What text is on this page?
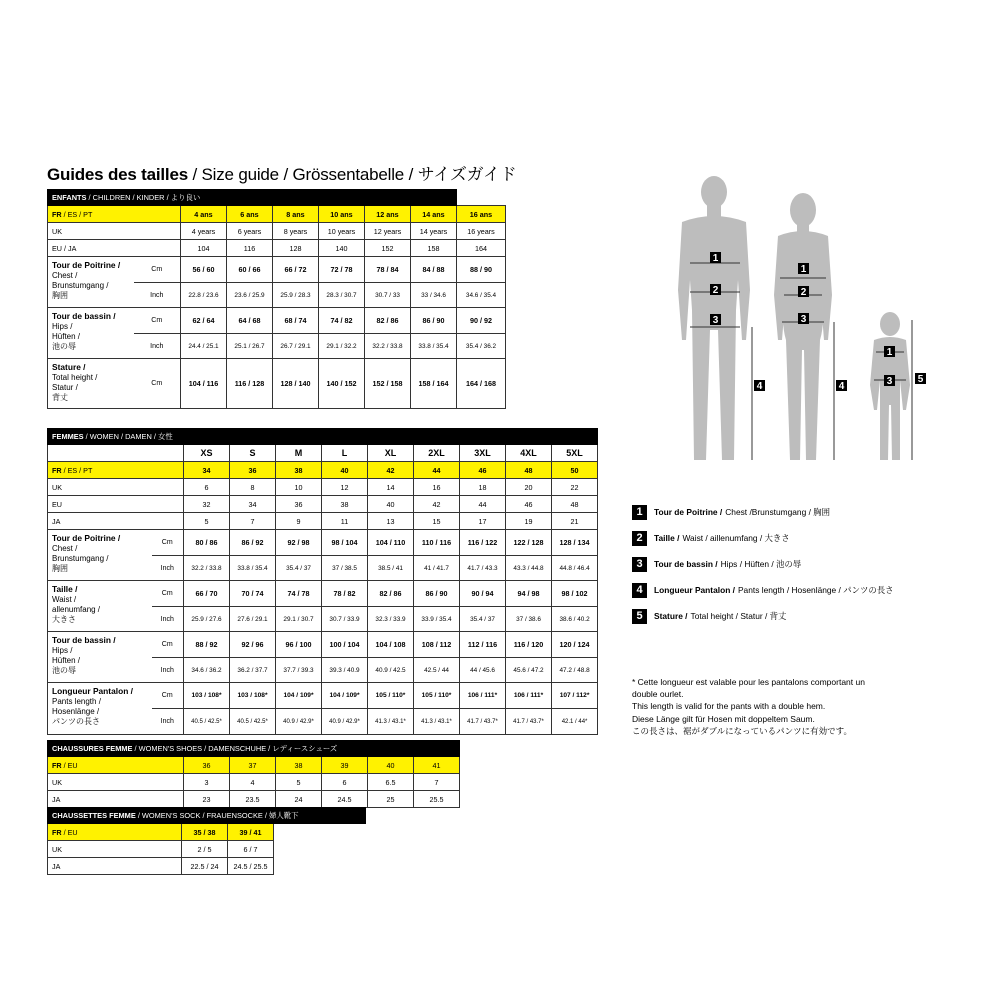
Guides des tailles / Size guide / Grössentabelle / サイズガイド
ENFANTS / CHILDREN / KINDER / より良い								
FR / ES / PT		4 ans	6 ans	8 ans	10 ans	12 ans	14 ans	16 ans
UK		4 years	6 years	8 years	10 years	12 years	14 years	16 years
EU / JA		104	116	128	140	152	158	164
Tour de Poitrine /
Chest /
Brunstumgang /
胸囲	Cm	56 / 60	60 / 66	66 / 72	72 / 78	78 / 84	84 / 88	88 / 90
	Inch	22.8 / 23.6	23.6 / 25.9	25.9 / 28.3	28.3 / 30.7	30.7 / 33	33 / 34.6	34.6 / 35.4
Tour de bassin /
Hips /
Hüften /
池の辱	Cm	62 / 64	64 / 68	68 / 74	74 / 82	82 / 86	86 / 90	90 / 92
	Inch	24.4 / 25.1	25.1 / 26.7	26.7 / 29.1	29.1 / 32.2	32.2 / 33.8	33.8 / 35.4	35.4 / 36.2
Stature /
Total height /
Statur /
背丈	Cm	104 / 116	116 / 128	128 / 140	140 / 152	152 / 158	158 / 164	164 / 168
FEMMES / WOMEN / DAMEN / 女性										
		XS	S	M	L	XL	2XL	3XL	4XL	5XL
FR / ES / PT		34	36	38	40	42	44	46	48	50
UK		6	8	10	12	14	16	18	20	22
EU		32	34	36	38	40	42	44	46	48
JA		5	7	9	11	13	15	17	19	21
Tour de Poitrine /
Chest /
Brunstumgang /
胸囲	Cm	80 / 86	86 / 92	92 / 98	98 / 104	104 / 110	110 / 116	116 / 122	122 / 128	128 / 134
	Inch	32.2 / 33.8	33.8 / 35.4	35.4 / 37	37 / 38.5	38.5 / 41	41 / 41.7	41.7 / 43.3	43.3 / 44.8	44.8 / 46.4
Taille /
Waist /
allenumfang /
大きさ	Cm	66 / 70	70 / 74	74 / 78	78 / 82	82 / 86	86 / 90	90 / 94	94 / 98	98 / 102
	Inch	25.9 / 27.6	27.6 / 29.1	29.1 / 30.7	30.7 / 33.9	32.3 / 33.9	33.9 / 35.4	35.4 / 37	37 / 38.6	38.6 / 40.2
Tour de bassin /
Hips /
Hüften /
池の辱	Cm	88 / 92	92 / 96	96 / 100	100 / 104	104 / 108	108 / 112	112 / 116	116 / 120	120 / 124
	Inch	34.6 / 36.2	36.2 / 37.7	37.7 / 39.3	39.3 / 40.9	40.9 / 42.5	42.5 / 44	44 / 45.6	45.6 / 47.2	47.2 / 48.8
Longueur Pantalon /
Pants length /
Hosenlänge /
パンツの長さ	Cm	103 / 108*	103 / 108*	104 / 109*	104 / 109*	105 / 110*	105 / 110*	106 / 111*	106 / 111*	107 / 112*
	Inch	40.5 / 42.5*	40.5 / 42.5*	40.9 / 42.9*	40.9 / 42.9*	41.3 / 43.1*	41.3 / 43.1*	41.7 / 43.7*	41.7 / 43.7*	42.1 / 44*
CHAUSSURES FEMME / WOMEN'S SHOES / DAMENSCHUHE / レディースシューズ						
FR / EU	36	37	38	39	40	41
UK	3	4	5	6	6.5	7
JA	23	23.5	24	24.5	25	25.5
CHAUSSETTES FEMME / WOMEN'S SOCK / FRAUENSOCKE / 婦人靴下			
FR / EU	35 / 38	39 / 41	
UK	2 / 5	6 / 7	
JA	22.5 / 24	24.5 / 25.5	
1
2
3
4
1
2
3
4
1
3	5
1	Tour de Poitrine / Chest /Brunstumgang / 胸囲
2	Taille / Waist / aillenumfang / 大きさ
3	Tour de bassin / Hips / Hüften / 池の辱
4	Longueur Pantalon / Pants length / Hosenlänge / パンツの長さ
5	Stature / Total height / Statur / 背丈
* Cette longueur est valable pour les pantalons comportant un
double ourlet.
This length is valid for the pants with a double hem.
Diese Länge gilt für Hosen mit doppeltem Saum.
この長さは、裾がダブルになっているパンツに有効です。
